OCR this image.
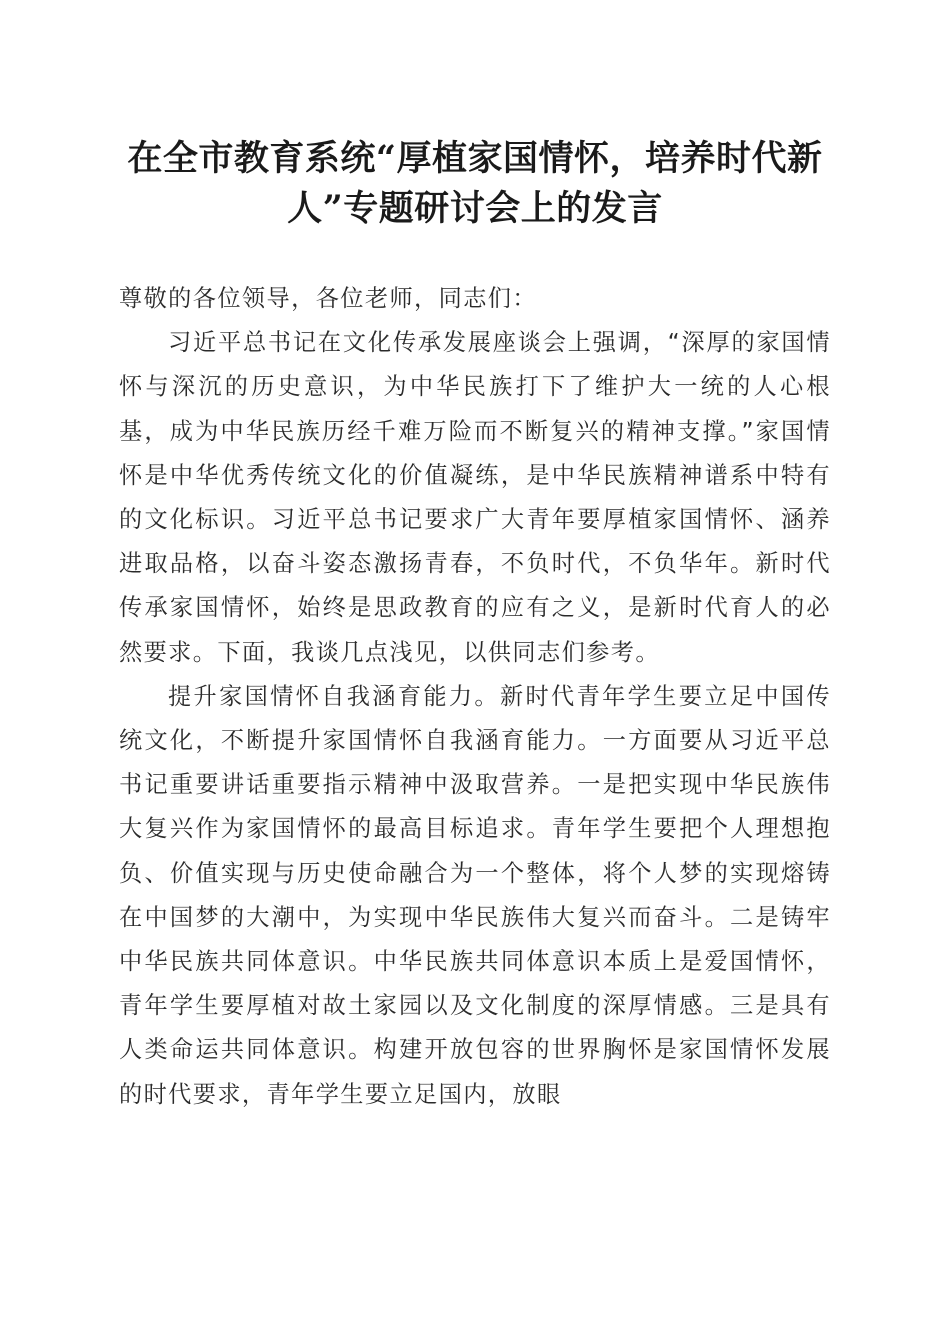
在全市教育系统“厚植家国情怀，培养时代新人”专题研讨会上的发言

尊敬的各位领导，各位老师，同志们：

习近平总书记在文化传承发展座谈会上强调，“深厚的家国情怀与深沉的历史意识，为中华民族打下了维护大一统的人心根基，成为中华民族历经千难万险而不断复兴的精神支撑。”家国情怀是中华优秀传统文化的价值凝练，是中华民族精神谱系中特有的文化标识。习近平总书记要求广大青年要厚植家国情怀、涵养进取品格，以奋斗姿态激扬青春，不负时代，不负华年。新时代传承家国情怀，始终是思政教育的应有之义，是新时代育人的必然要求。下面，我谈几点浅见，以供同志们参考。

提升家国情怀自我涵育能力。新时代青年学生要立足中国传统文化，不断提升家国情怀自我涵育能力。一方面要从习近平总书记重要讲话重要指示精神中汲取营养。一是把实现中华民族伟大复兴作为家国情怀的最高目标追求。青年学生要把个人理想抱负、价值实现与历史使命融合为一个整体，将个人梦的实现熔铸在中国梦的大潮中，为实现中华民族伟大复兴而奋斗。二是铸牢中华民族共同体意识。中华民族共同体意识本质上是爱国情怀，青年学生要厚植对故土家园以及文化制度的深厚情感。三是具有人类命运共同体意识。构建开放包容的世界胸怀是家国情怀发展的时代要求，青年学生要立足国内，放眼
